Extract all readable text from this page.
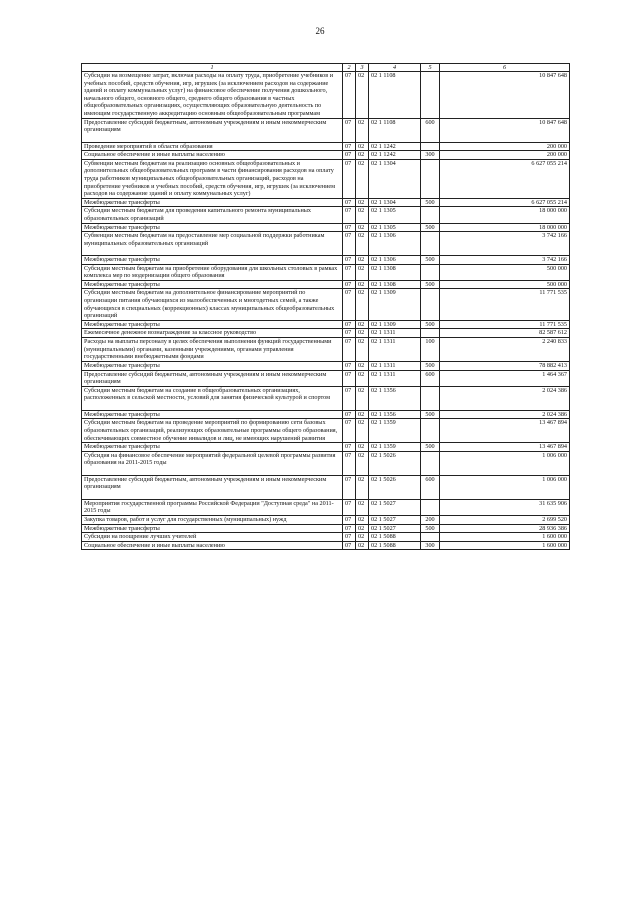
26
1	2	3	4	5	6
Субсидии на возмещение затрат, включая расходы на оплату труда, приобретение учебников и учебных пособий, средств обучения, игр, игрушек (за исключением расходов на содержание зданий и оплату коммунальных услуг) на финансовое обеспечение получения дошкольного, начального общего, основного общего, среднего общего образования в частных общеобразовательных организациях, осуществляющих образовательную деятельность по имеющим государственную аккредитацию основным общеобразовательным программам	07	02	02 1 1108		10 847 648
Предоставление субсидий бюджетным, автономным учреждениям и иным некоммерческим организациям	07	02	02 1 1108	600	10 847 648
Проведение мероприятий в области образования	07	02	02 1 1242		200 000
Социальное обеспечение и иные выплаты населению	07	02	02 1 1242	300	200 000
Субвенции местным бюджетам на реализацию основных общеобразовательных и дополнительных общеобразовательных программ в части финансирования расходов на оплату труда работников муниципальных общеобразовательных организаций, расходов на приобретение учебников и учебных пособий, средств обучения, игр, игрушек (за исключением расходов на содержание зданий и оплату коммунальных услуг)	07	02	02 1 1304		6 627 055 214
Межбюджетные трансферты	07	02	02 1 1304	500	6 627 055 214
Субсидии местным бюджетам для проведения капитального ремонта муниципальных образовательных организаций	07	02	02 1 1305		18 000 000
Межбюджетные трансферты	07	02	02 1 1305	500	18 000 000
Субвенции местным бюджетам на предоставление мер социальной поддержки работникам муниципальных образовательных организаций	07	02	02 1 1306		3 742 166
Межбюджетные трансферты	07	02	02 1 1306	500	3 742 166
Субсидии местным бюджетам на приобретение оборудования для школьных столовых в рамках комплекса мер по модернизации общего образования	07	02	02 1 1308		500 000
Межбюджетные трансферты	07	02	02 1 1308	500	500 000
Субсидии местным бюджетам на дополнительное финансирование мероприятий по организации питания обучающихся из малообеспеченных и многодетных семей, а также обучающихся в специальных (коррекционных) классах муниципальных общеобразовательных организаций	07	02	02 1 1309		11 771 535
Межбюджетные трансферты	07	02	02 1 1309	500	11 771 535
Ежемесячное денежное вознаграждение за классное руководство	07	02	02 1 1311		82 587 612
Расходы на выплаты персоналу в целях обеспечения выполнения функций государственными (муниципальными) органами, казенными учреждениями, органами управления государственными внебюджетными фондами	07	02	02 1 1311	100	2 240 833
Межбюджетные трансферты	07	02	02 1 1311	500	78 882 413
Предоставление субсидий бюджетным, автономным учреждениям и иным некоммерческим организациям	07	02	02 1 1311	600	1 464 367
Субсидии местным бюджетам на создание в общеобразовательных организациях, расположенных в сельской местности, условий для занятия физической культурой и спортом	07	02	02 1 1356		2 024 386
Межбюджетные трансферты	07	02	02 1 1356	500	2 024 386
Субсидии местным бюджетам на проведение мероприятий по формированию сети базовых образовательных организаций, реализующих образовательные программы общего образования, обеспечивающих совместное обучение инвалидов и лиц, не имеющих нарушений развития	07	02	02 1 1359		13 467 894
Межбюджетные трансферты	07	02	02 1 1359	500	13 467 894
Субсидия на финансовое обеспечение мероприятий федеральной целевой программы развития образования на 2011-2015 годы	07	02	02 1 5026		1 006 000
Предоставление субсидий бюджетным, автономным учреждениям и иным некоммерческим организациям	07	02	02 1 5026	600	1 006 000
Мероприятия государственной программы Российской Федерации "Доступная среда" на 2011-2015 годы	07	02	02 1 5027		31 635 906
Закупка товаров, работ и услуг для государственных (муниципальных) нужд	07	02	02 1 5027	200	2 699 520
Межбюджетные трансферты	07	02	02 1 5027	500	28 936 386
Субсидии на поощрение лучших учителей	07	02	02 1 5088		1 600 000
Социальное обеспечение и иные выплаты населению	07	02	02 1 5088	300	1 600 000
